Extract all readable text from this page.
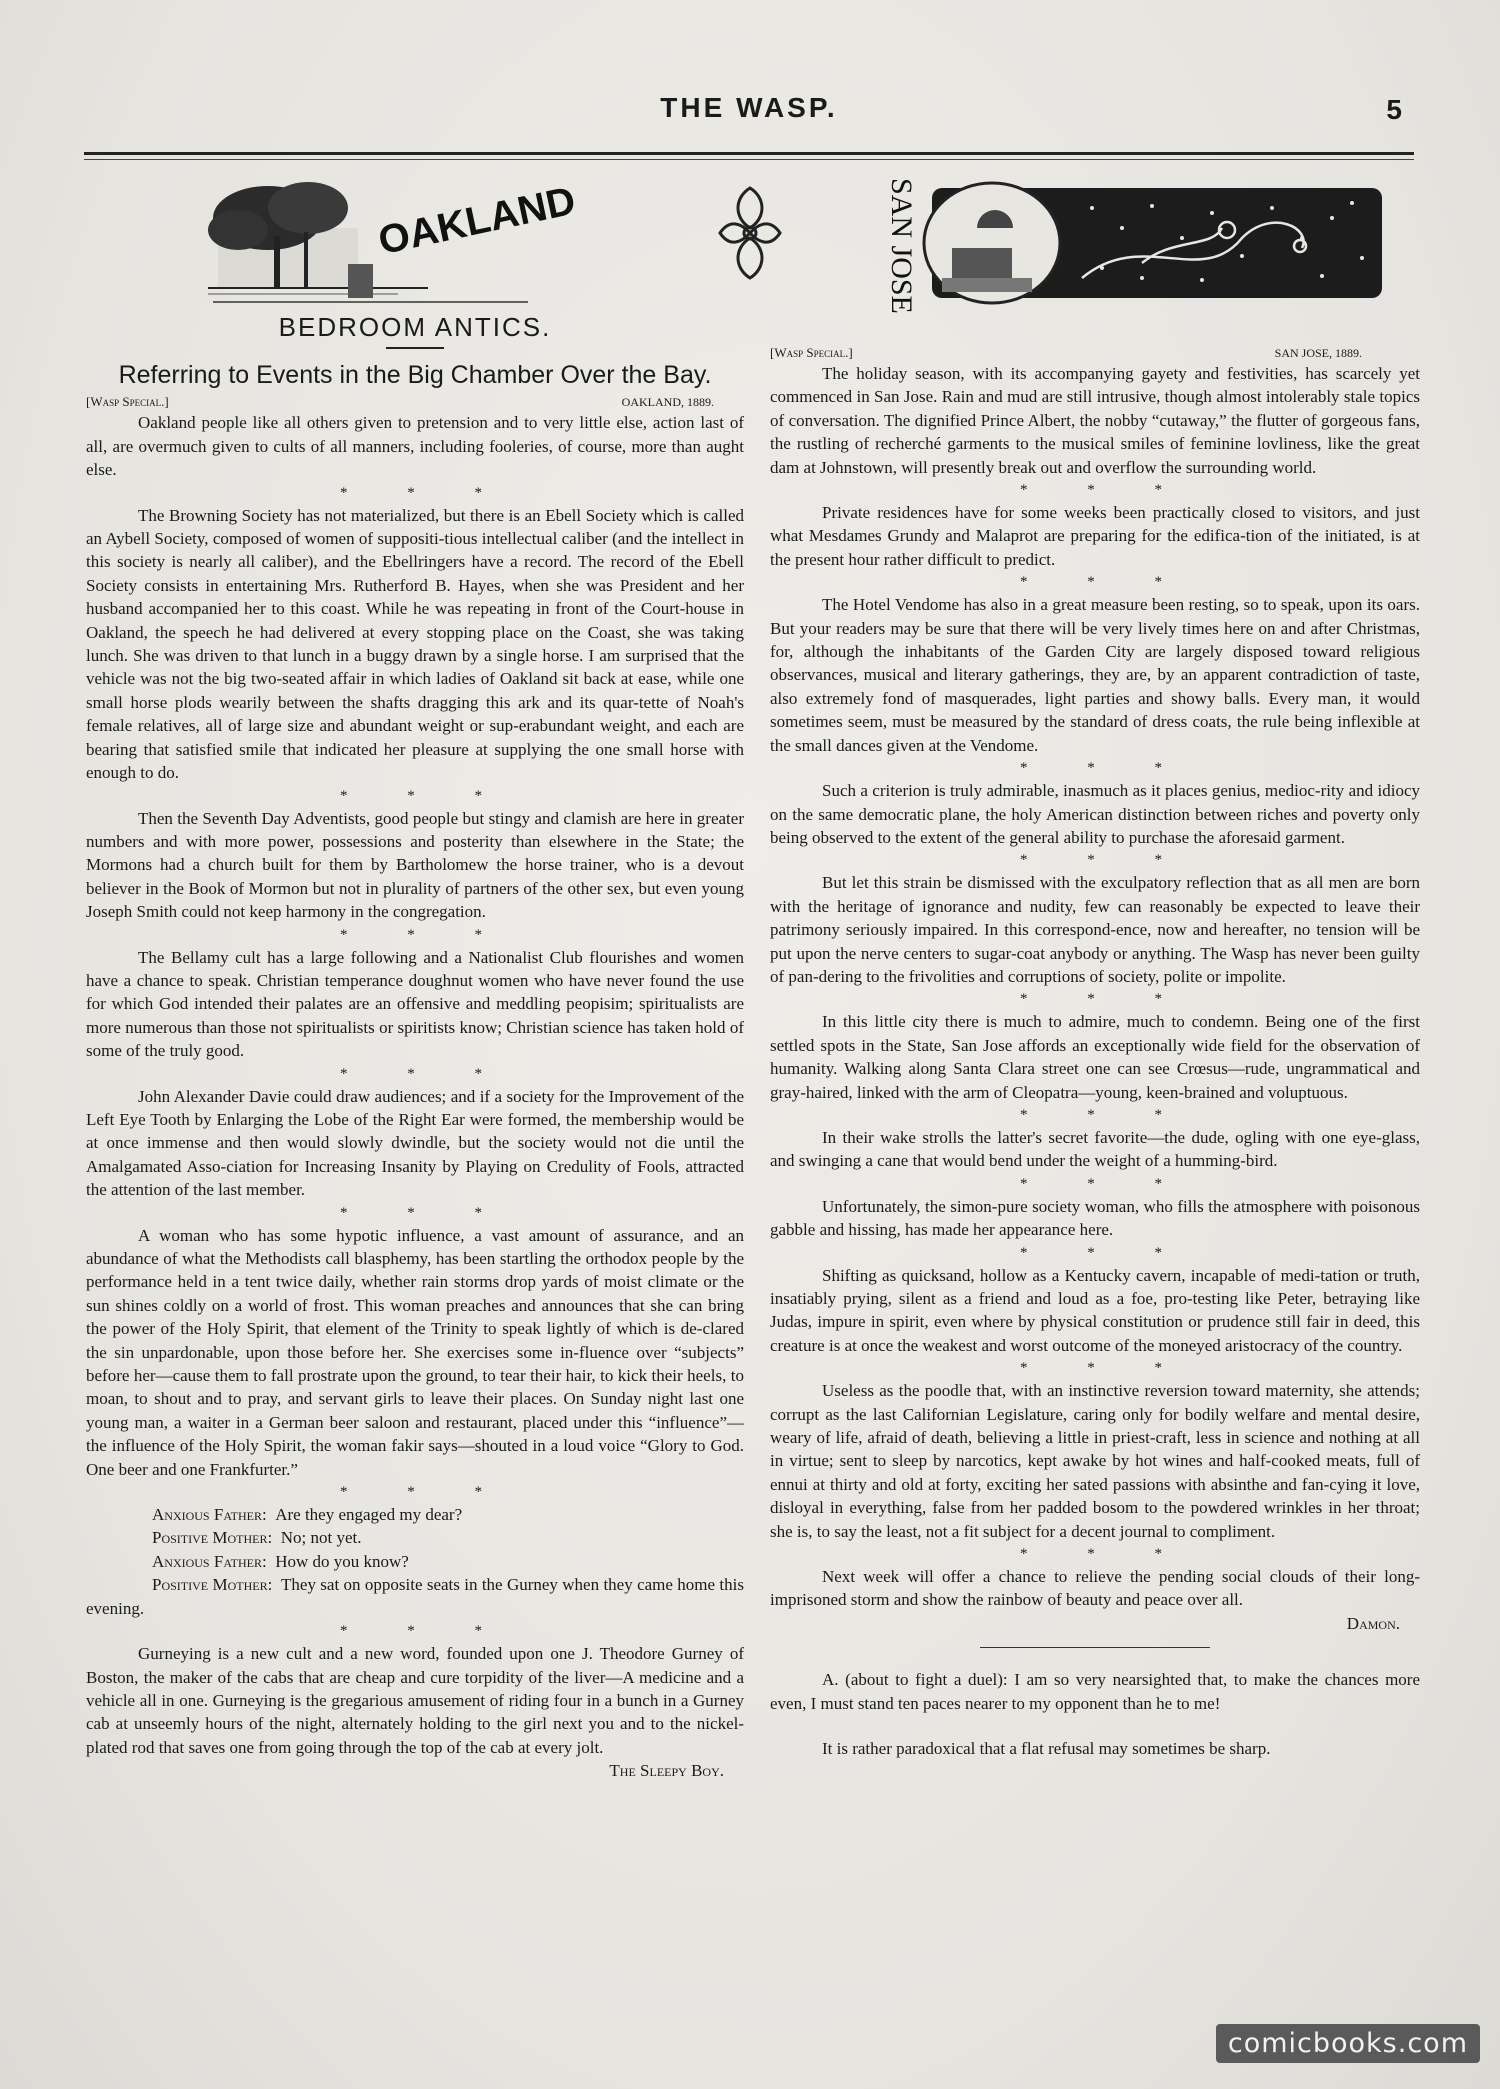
THE WASP.	5
OAKLAND
BEDROOM ANTICS.
Referring to Events in the Big Chamber Over the Bay.
[Wasp Special.]	OAKLAND, 1889.

Oakland people like all others given to pretension and to very little else, action last of all, are overmuch given to cults of all manners, including fooleries, of course, more than aught else.

* * *

The Browning Society has not materialized, but there is an Ebell Society which is called an Aybell Society, composed of women of suppositi-tious intellectual caliber (and the intellect in this society is nearly all caliber), and the Ebellringers have a record. The record of the Ebell Society consists in entertaining Mrs. Rutherford B. Hayes, when she was President and her husband accompanied her to this coast. While he was repeating in front of the Court-house in Oakland, the speech he had delivered at every stopping place on the Coast, she was taking lunch. She was driven to that lunch in a buggy drawn by a single horse. I am surprised that the vehicle was not the big two-seated affair in which ladies of Oakland sit back at ease, while one small horse plods wearily between the shafts dragging this ark and its quar-tette of Noah's female relatives, all of large size and abundant weight or sup-erabundant weight, and each are bearing that satisfied smile that indicated her pleasure at supplying the one small horse with enough to do.

* * *

Then the Seventh Day Adventists, good people but stingy and clamish are here in greater numbers and with more power, possessions and posterity than elsewhere in the State; the Mormons had a church built for them by Bartholomew the horse trainer, who is a devout believer in the Book of Mormon but not in plurality of partners of the other sex, but even young Joseph Smith could not keep harmony in the congregation.

* * *

The Bellamy cult has a large following and a Nationalist Club flourishes and women have a chance to speak. Christian temperance doughnut women who have never found the use for which God intended their palates are an offensive and meddling peopisim; spiritualists are more numerous than those not spiritualists or spiritists know; Christian science has taken hold of some of the truly good.

* * *

John Alexander Davie could draw audiences; and if a society for the Improvement of the Left Eye Tooth by Enlarging the Lobe of the Right Ear were formed, the membership would be at once immense and then would slowly dwindle, but the society would not die until the Amalgamated Asso-ciation for Increasing Insanity by Playing on Credulity of Fools, attracted the attention of the last member.

* * *

A woman who has some hypotic influence, a vast amount of assurance, and an abundance of what the Methodists call blasphemy, has been startling the orthodox people by the performance held in a tent twice daily, whether rain storms drop yards of moist climate or the sun shines coldly on a world of frost. This woman preaches and announces that she can bring the power of the Holy Spirit, that element of the Trinity to speak lightly of which is de-clared the sin unpardonable, upon those before her. She exercises some in-fluence over “subjects” before her—cause them to fall prostrate upon the ground, to tear their hair, to kick their heels, to moan, to shout and to pray, and servant girls to leave their places. On Sunday night last one young man, a waiter in a German beer saloon and restaurant, placed under this “influence”— the influence of the Holy Spirit, the woman fakir says—shouted in a loud voice “Glory to God. One beer and one Frankfurter.”

* * *

Anxious Father:  Are they engaged my dear?

Positive Mother:  No; not yet.

Anxious Father:  How do you know?

Positive Mother:  They sat on opposite seats in the Gurney when they came home this evening.

* * *

Gurneying is a new cult and a new word, founded upon one J. Theodore Gurney of Boston, the maker of the cabs that are cheap and cure torpidity of the liver—A medicine and a vehicle all in one. Gurneying is the gregarious amusement of riding four in a bunch in a Gurney cab at unseemly hours of the night, alternately holding to the girl next you and to the nickel-plated rod that saves one from going through the top of the cab at every jolt.

The Sleepy Boy.
SAN JOSE
[Wasp Special.]	SAN JOSE, 1889.

The holiday season, with its accompanying gayety and festivities, has scarcely yet commenced in San Jose. Rain and mud are still intrusive, though almost intolerably stale topics of conversation. The dignified Prince Albert, the nobby “cutaway,” the flutter of gorgeous fans, the rustling of recherché garments to the musical smiles of feminine lovliness, like the great dam at Johnstown, will presently break out and overflow the surrounding world.

* * *

Private residences have for some weeks been practically closed to visitors, and just what Mesdames Grundy and Malaprot are preparing for the edifica-tion of the initiated, is at the present hour rather difficult to predict.

* * *

The Hotel Vendome has also in a great measure been resting, so to speak, upon its oars. But your readers may be sure that there will be very lively times here on and after Christmas, for, although the inhabitants of the Garden City are largely disposed toward religious observances, musical and literary gatherings, they are, by an apparent contradiction of taste, also extremely fond of masquerades, light parties and showy balls. Every man, it would sometimes seem, must be measured by the standard of dress coats, the rule being inflexible at the small dances given at the Vendome.

* * *

Such a criterion is truly admirable, inasmuch as it places genius, medioc-rity and idiocy on the same democratic plane, the holy American distinction between riches and poverty only being observed to the extent of the general ability to purchase the aforesaid garment.

* * *

But let this strain be dismissed with the exculpatory reflection that as all men are born with the heritage of ignorance and nudity, few can reasonably be expected to leave their patrimony seriously impaired. In this correspond-ence, now and hereafter, no tension will be put upon the nerve centers to sugar-coat anybody or anything. The Wasp has never been guilty of pan-dering to the frivolities and corruptions of society, polite or impolite.

* * *

In this little city there is much to admire, much to condemn. Being one of the first settled spots in the State, San Jose affords an exceptionally wide field for the observation of humanity. Walking along Santa Clara street one can see Crœsus—rude, ungrammatical and gray-haired, linked with the arm of Cleopatra—young, keen-brained and voluptuous.

* * *

In their wake strolls the latter's secret favorite—the dude, ogling with one eye-glass, and swinging a cane that would bend under the weight of a humming-bird.

* * *

Unfortunately, the simon-pure society woman, who fills the atmosphere with poisonous gabble and hissing, has made her appearance here.

* * *

Shifting as quicksand, hollow as a Kentucky cavern, incapable of medi-tation or truth, insatiably prying, silent as a friend and loud as a foe, pro-testing like Peter, betraying like Judas, impure in spirit, even where by physical constitution or prudence still fair in deed, this creature is at once the weakest and worst outcome of the moneyed aristocracy of the country.

* * *

Useless as the poodle that, with an instinctive reversion toward maternity, she attends; corrupt as the last Californian Legislature, caring only for bodily welfare and mental desire, weary of life, afraid of death, believing a little in priest-craft, less in science and nothing at all in virtue; sent to sleep by narcotics, kept awake by hot wines and half-cooked meats, full of ennui at thirty and old at forty, exciting her sated passions with absinthe and fan-cying it love, disloyal in everything, false from her padded bosom to the powdered wrinkles in her throat; she is, to say the least, not a fit subject for a decent journal to compliment.

* * *

Next week will offer a chance to relieve the pending social clouds of their long-imprisoned storm and show the rainbow of beauty and peace over all.

Damon.

A. (about to fight a duel): I am so very nearsighted that, to make the chances more even, I must stand ten paces nearer to my opponent than he to me!

It is rather paradoxical that a flat refusal may sometimes be sharp.

comicbooks.com
